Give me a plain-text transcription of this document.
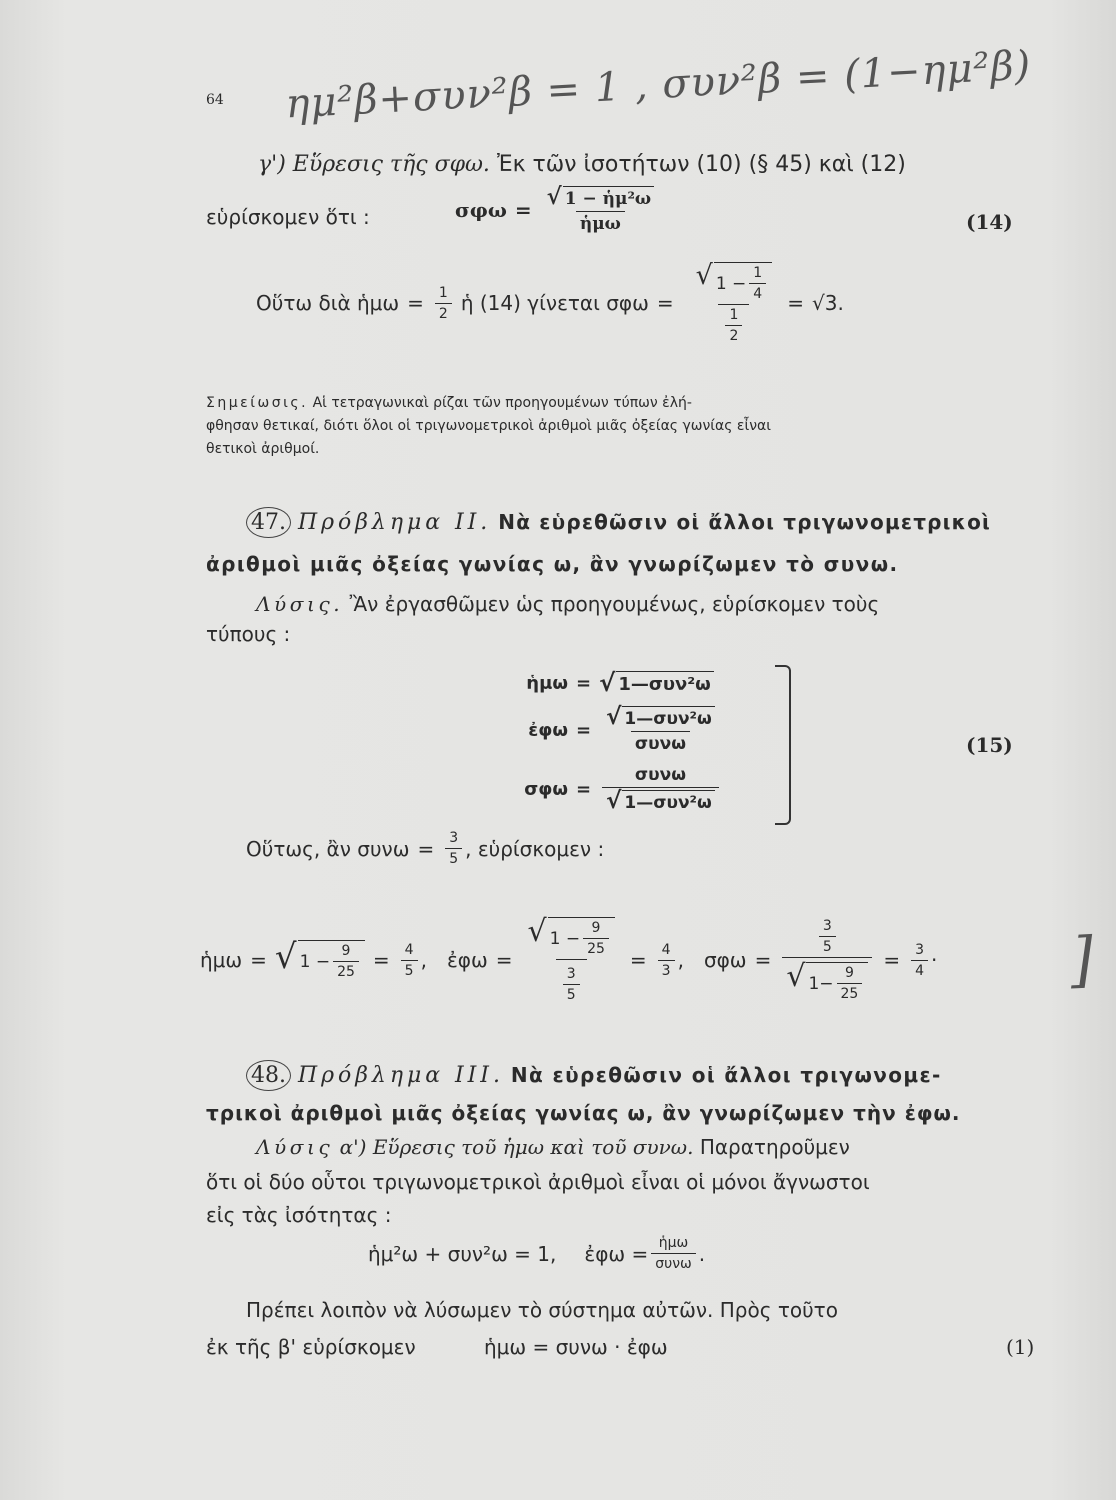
64 ημ²β+συν²β = 1 , συν²β = (1−ημ²β)
γ') Εὕρεσις τῆς σφω. Ἐκ τῶν ἰσοτήτων (10) (§ 45) καὶ (12)
εὑρίσκομεν ὅτι :	$\sigma\varphi\omega = \frac{\text{√ 1 − ἡμ²ω}}{\text{ἡμω}}$	(14)
Οὕτω διὰ ἡμω = $\frac{1}{2}$ ἡ (14) γίνεται $\sigma\varphi\omega = \frac{√ 1 - \frac{1}{4}}{\frac{1}{2}} = √3$.
Σημείωσις. Αἱ τετραγωνικαὶ ρίζαι τῶν προηγουμένων τύπων ἐλή-
φθησαν θετικαί, διότι ὅλοι οἱ τριγωνομετρικοὶ ἀριθμοὶ μιᾶς ὀξείας γωνίας εἶναι
θετικοὶ ἀριθμοί.
47. Πρόβλημα II. Νὰ εὑρεθῶσιν οἱ ἄλλοι τριγωνομετρικοὶ
ἀριθμοὶ μιᾶς ὀξείας γωνίας ω, ἂν γνωρίζωμεν τὸ συνω.
Λύσις. Ἂν ἐργασθῶμεν ὡς προηγουμένως, εὑρίσκομεν τοὺς
τύπους :
ἡμω = √ 1—συν²ω
ἐφω = $\frac{\text{√ 1—συν²ω}}{\text{συνω}}$
$\sigma\varphi\omega = \frac{\text{συνω}}{\text{√ 1—συν²ω}}$
(15)
Οὕτως, ἂν $\sigma\upsilon\nu\omega = \frac{3}{5}$ , εὑρίσκομεν :
ἡμω = √ $1 - \frac{9}{25} = \frac{4}{5}$ , ἐφω = $\frac{√ 1 - \frac{9}{25}}{\frac{3}{5}} = \frac{4}{3}$ , $\sigma\varphi\omega = \frac{\frac{3}{5}}{√ 1- \frac{9}{25}} = \frac{3}{4}$ · ]
48. Πρόβλημα III. Νὰ εὑρεθῶσιν οἱ ἄλλοι τριγωνομε-
τρικοὶ ἀριθμοὶ μιᾶς ὀξείας γωνίας ω, ἂν γνωρίζωμεν τὴν ἐφω.
Λύσις α') Εὕρεσις τοῦ ἡμω καὶ τοῦ συνω. Παρατηροῦμεν
ὅτι οἱ δύο οὗτοι τριγωνομετρικοὶ ἀριθμοὶ εἶναι οἱ μόνοι ἄγνωστοι
εἰς τὰς ἰσότητας :
ἡμ²ω + συν²ω = 1, ἐφω = $\frac{\text{ἡμω}}{\text{συνω}}$ .
Πρέπει λοιπὸν νὰ λύσωμεν τὸ σύστημα αὐτῶν. Πρὸς τοῦτο
ἐκ τῆς β' εὑρίσκομεν	ἡμω = συνω · ἐφω	(1)
